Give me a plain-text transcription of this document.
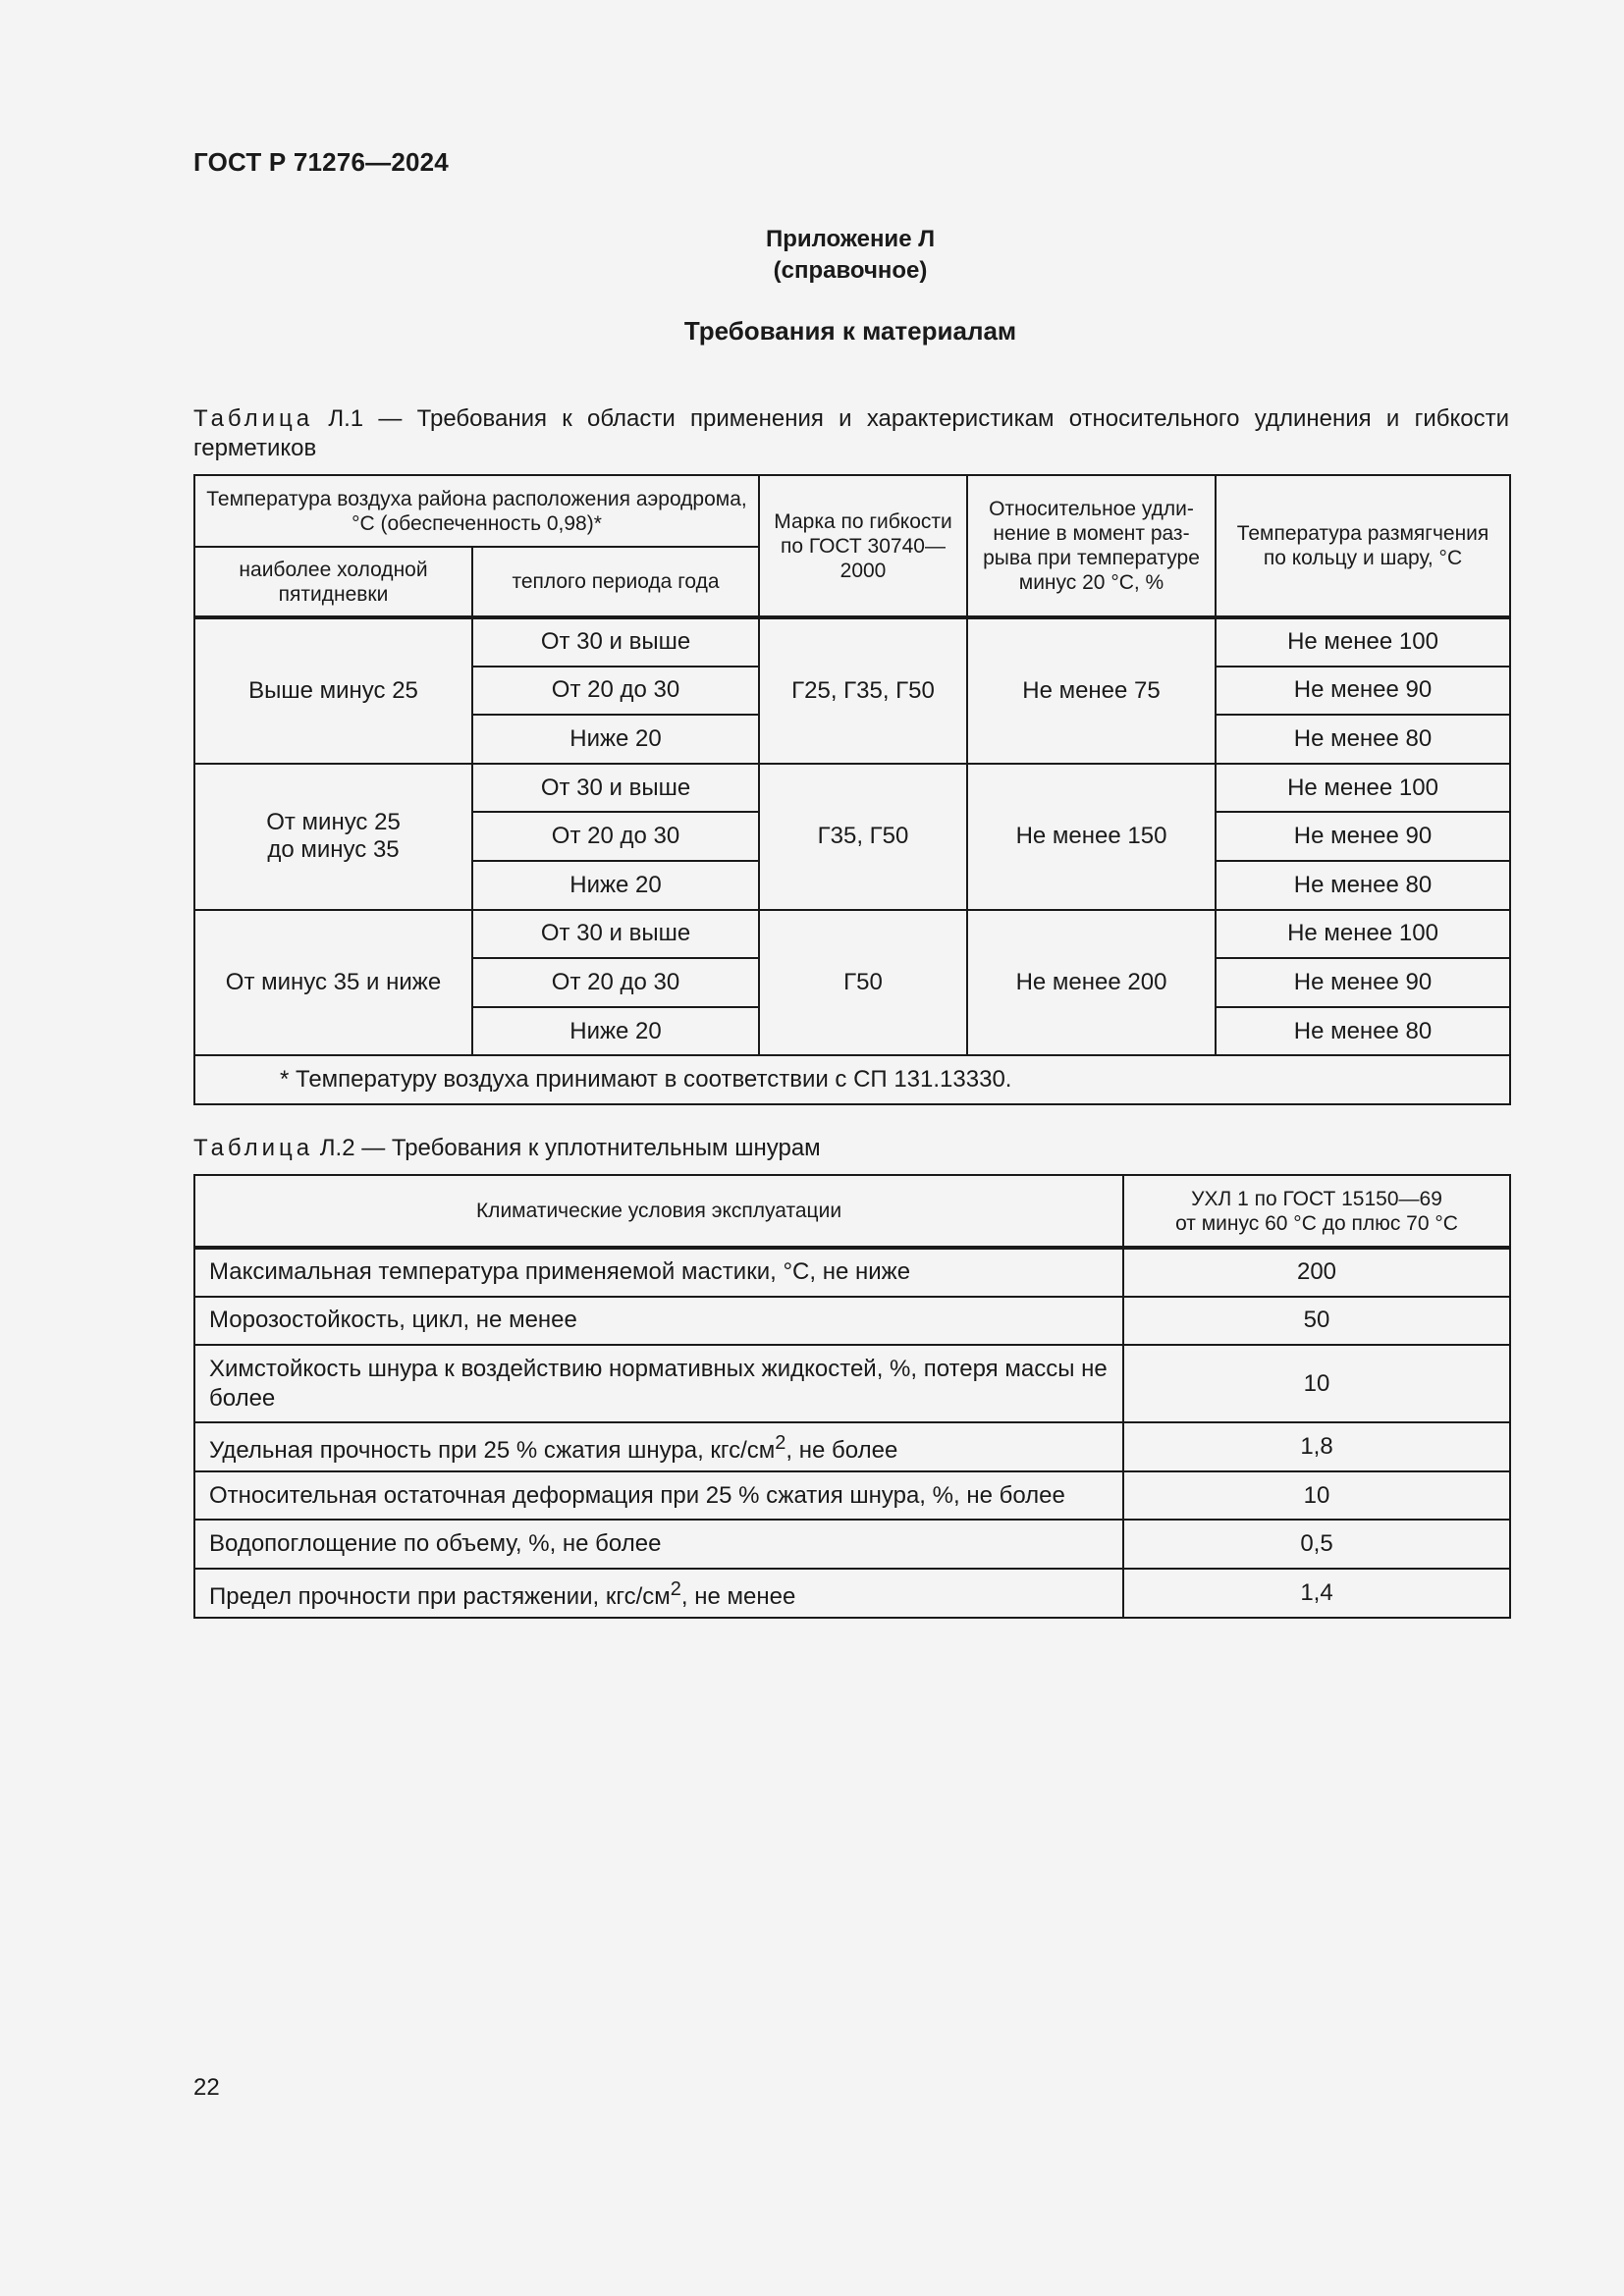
ГОСТ Р 71276—2024
Приложение Л
(справочное)
Требования к материалам
Таблица Л.1 — Требования к области применения и характеристикам относительного удлинения и гибкости герметиков
Температура воздуха района расположения аэродрома, °С (обеспеченность 0,98)*		Марка по гибкости по ГОСТ 30740—2000	Относительное удлинение в момент разрыва при температуре минус 20 °С, %	Температура размягчения по кольцу и шару, °С
наиболее холодной пятидневки	теплого периода года			
Выше минус 25	От 30 и выше	Г25, Г35, Г50	Не менее 75	Не менее 100
	От 20 до 30			Не менее 90
	Ниже 20			Не менее 80

От минус 25
до минус 35	От 30 и выше	Г35, Г50	Не менее 150	Не менее 100
	От 20 до 30			Не менее 90
	Ниже 20			Не менее 80
От минус 35 и ниже	От 30 и выше	Г50	Не менее 200	Не менее 100
	От 20 до 30			Не менее 90
	Ниже 20			Не менее 80
* Температуру воздуха принимают в соответствии с СП 131.13330.				
Таблица Л.2 — Требования к уплотнительным шнурам
Климатические условия эксплуатации	УХЛ 1 по ГОСТ 15150—69
от минус 60 °С до плюс 70 °С

Максимальная температура применяемой мастики, °С, не ниже	200
Морозостойкость, цикл, не менее	50
Химстойкость шнура к воздействию нормативных жидкостей, %, потеря массы не более	10
Удельная прочность при 25 % сжатия шнура, кгс/$см^2$, не более	1,8
Относительная остаточная деформация при 25 % сжатия шнура, %, не более	10
Водопоглощение по объему, %, не более	0,5
Предел прочности при растяжении, кгс/$см^2$, не менее	1,4
22
